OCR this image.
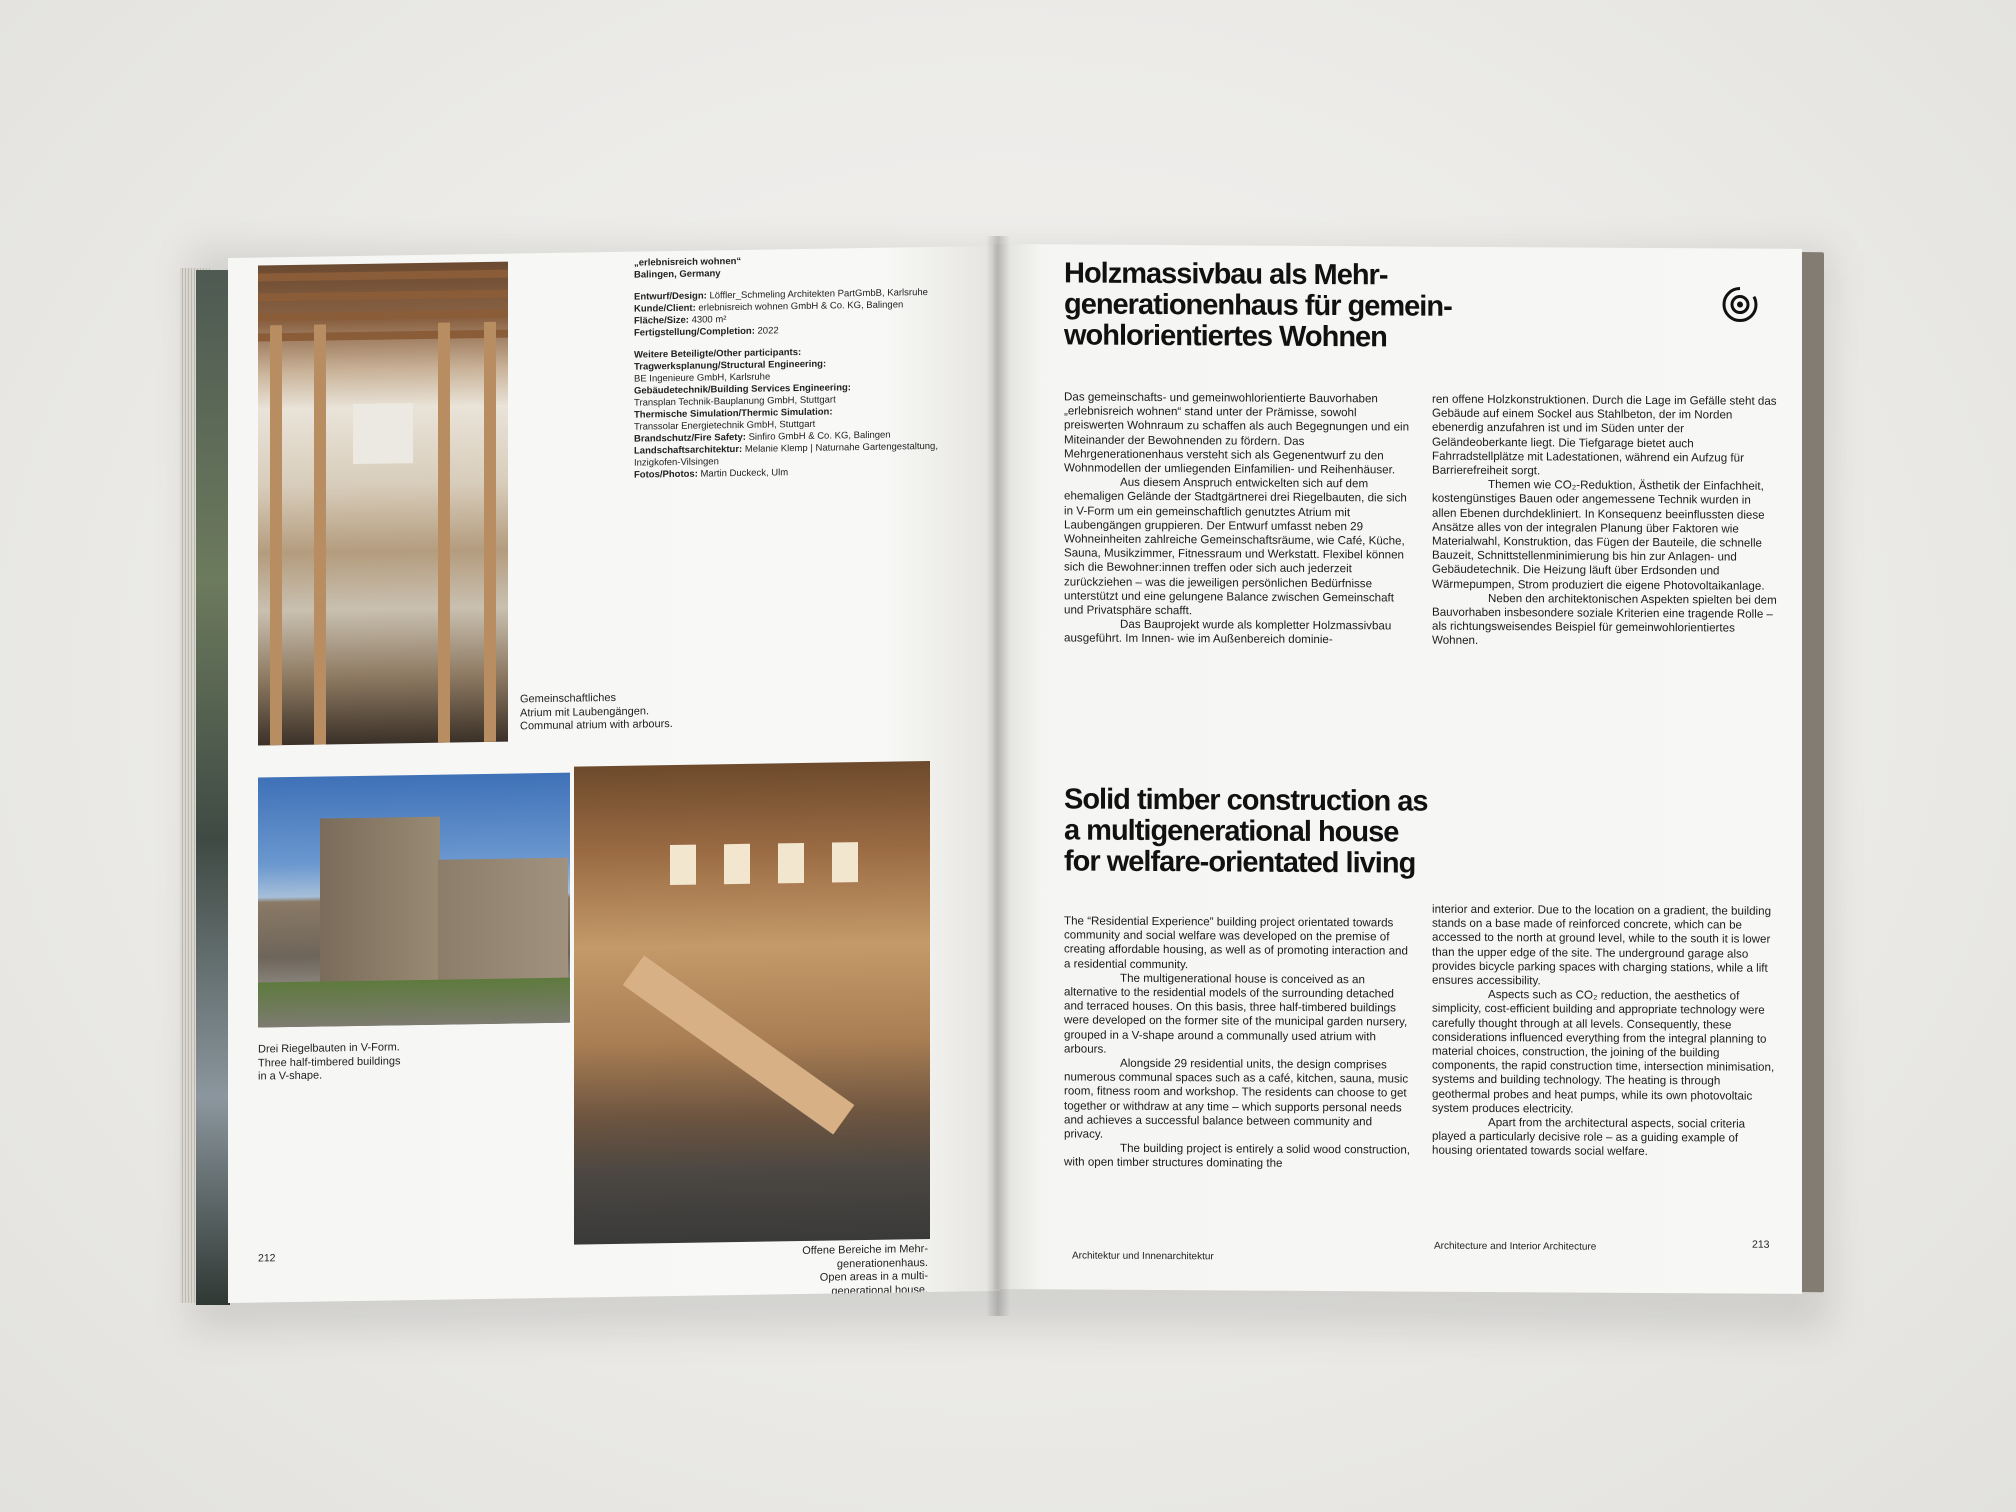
„erlebnisreich wohnen“

Balingen, Germany

Entwurf/Design: Löffler_Schmeling Architekten PartGmbB, Karlsruhe

Kunde/Client: erlebnisreich wohnen GmbH & Co. KG, Balingen

Fläche/Size: 4300 m²

Fertigstellung/Completion: 2022

Weitere Beteiligte/Other participants:

Tragwerksplanung/Structural Engineering:

BE Ingenieure GmbH, Karlsruhe

Gebäudetechnik/Building Services Engineering:

Transplan Technik-Bauplanung GmbH, Stuttgart

Thermische Simulation/Thermic Simulation:

Transsolar Energietechnik GmbH, Stuttgart

Brandschutz/Fire Safety: Sinfiro GmbH & Co. KG, Balingen

Landschaftsarchitektur: Melanie Klemp | Naturnahe Gartengestaltung, Inzigkofen-Vilsingen

Fotos/Photos: Martin Duckeck, Ulm

Gemeinschaftliches
Atrium mit Laubengängen.
Communal atrium with arbours.
Drei Riegelbauten in V-Form.
Three half-timbered buildings
in a V-shape.
Offene Bereiche im Mehr-
generationenhaus.
Open areas in a multi-
generational house.
212
Holzmassivbau als Mehr-
generationenhaus für gemein-
wohlorientiertes Wohnen

Das gemeinschafts- und gemeinwohlorientierte Bauvorhaben „erlebnisreich wohnen“ stand unter der Prämisse, sowohl preiswerten Wohnraum zu schaffen als auch Begegnungen und ein Miteinander der Bewohnenden zu fördern. Das Mehrgenerationenhaus versteht sich als Gegenentwurf zu den Wohnmodellen der umliegenden Einfamilien- und Reihenhäuser.

Aus diesem Anspruch entwickelten sich auf dem ehemaligen Gelände der Stadtgärtnerei drei Riegelbauten, die sich in V-Form um ein gemeinschaftlich genutztes Atrium mit Laubengängen gruppieren. Der Entwurf umfasst neben 29 Wohneinheiten zahlreiche Gemeinschaftsräume, wie Café, Küche, Sauna, Musikzimmer, Fitnessraum und Werkstatt. Flexibel können sich die Bewohner:innen treffen oder sich auch jederzeit zurückziehen – was die jeweiligen persönlichen Bedürfnisse unterstützt und eine gelungene Balance zwischen Gemeinschaft und Privatsphäre schafft.

Das Bauprojekt wurde als kompletter Holzmassivbau ausgeführt. Im Innen- wie im Außenbereich dominie-

ren offene Holzkonstruktionen. Durch die Lage im Gefälle steht das Gebäude auf einem Sockel aus Stahlbeton, der im Norden ebenerdig anzufahren ist und im Süden unter der Geländeoberkante liegt. Die Tiefgarage bietet auch Fahrradstellplätze mit Ladestationen, während ein Aufzug für Barrierefreiheit sorgt.

Themen wie CO₂-Reduktion, Ästhetik der Einfachheit, kostengünstiges Bauen oder angemessene Technik wurden in allen Ebenen durchdekliniert. In Konsequenz beeinflussten diese Ansätze alles von der integralen Planung über Faktoren wie Materialwahl, Konstruktion, das Fügen der Bauteile, die schnelle Bauzeit, Schnittstellenminimierung bis hin zur Anlagen- und Gebäudetechnik. Die Heizung läuft über Erdsonden und Wärmepumpen, Strom produziert die eigene Photovoltaikanlage.

Neben den architektonischen Aspekten spielten bei dem Bauvorhaben insbesondere soziale Kriterien eine tragende Rolle – als richtungsweisendes Beispiel für gemeinwohlorientiertes Wohnen.

Solid timber construction as
a multigenerational house
for welfare-orientated living

The “Residential Experience” building project orientated towards community and social welfare was developed on the premise of creating affordable housing, as well as of promoting interaction and a residential community.

The multigenerational house is conceived as an alternative to the residential models of the surrounding detached and terraced houses. On this basis, three half-timbered buildings were developed on the former site of the municipal garden nursery, grouped in a V-shape around a communally used atrium with arbours.

Alongside 29 residential units, the design comprises numerous communal spaces such as a café, kitchen, sauna, music room, fitness room and workshop. The residents can choose to get together or withdraw at any time – which supports personal needs and achieves a successful balance between community and privacy.

The building project is entirely a solid wood construction, with open timber structures dominating the

interior and exterior. Due to the location on a gradient, the building stands on a base made of reinforced concrete, which can be accessed to the north at ground level, while to the south it is lower than the upper edge of the site. The underground garage also provides bicycle parking spaces with charging stations, while a lift ensures accessibility.

Aspects such as CO₂ reduction, the aesthetics of simplicity, cost-efficient building and appropriate technology were carefully thought through at all levels. Consequently, these considerations influenced everything from the integral planning to material choices, construction, the joining of the building components, the rapid construction time, intersection minimisation, systems and building technology. The heating is through geothermal probes and heat pumps, while its own photovoltaic system produces electricity.

Apart from the architectural aspects, social criteria played a particularly decisive role – as a guiding example of housing orientated towards social welfare.

Architektur und Innenarchitektur
Architecture and Interior Architecture	213
